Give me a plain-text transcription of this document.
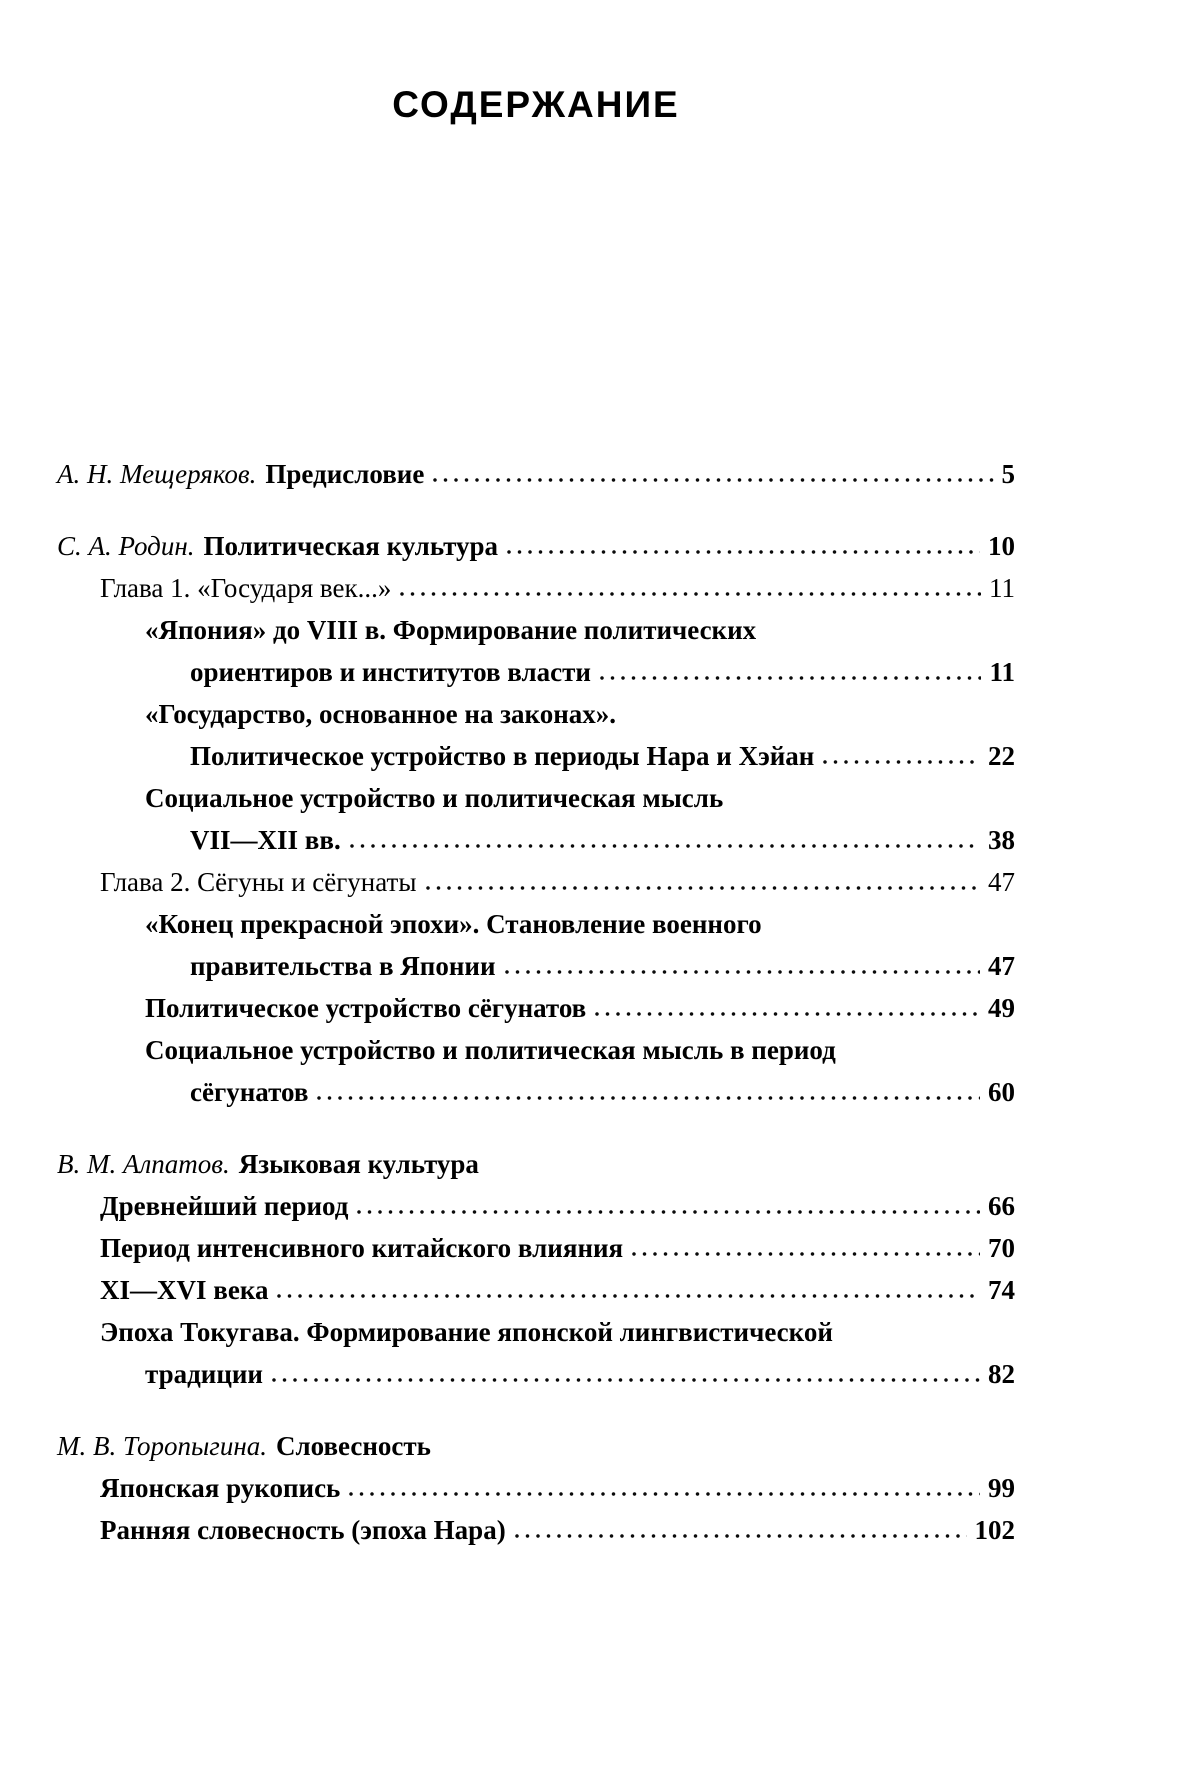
СОДЕРЖАНИЕ
А. Н. Мещеряков. Предисловие	5
С. А. Родин. Политическая культура	10
Глава 1. «Государя век...»	11
«Япония» до VIII в. Формирование политических
ориентиров и институтов власти	11
«Государство, основанное на законах».
Политическое устройство в периоды Нара и Хэйан	22
Социальное устройство и политическая мысль
VII—XII вв.	38
Глава 2. Сёгуны и сёгунаты	47
«Конец прекрасной эпохи». Становление военного
правительства в Японии	47
Политическое устройство сёгунатов	49
Социальное устройство и политическая мысль в период
сёгунатов	60
В. М. Алпатов. Языковая культура
Древнейший период	66
Период интенсивного китайского влияния	70
XI—XVI века	74
Эпоха Токугава. Формирование японской лингвистической
традиции	82
М. В. Торопыгина. Словесность
Японская рукопись	99
Ранняя словесность (эпоха Нара)	102
